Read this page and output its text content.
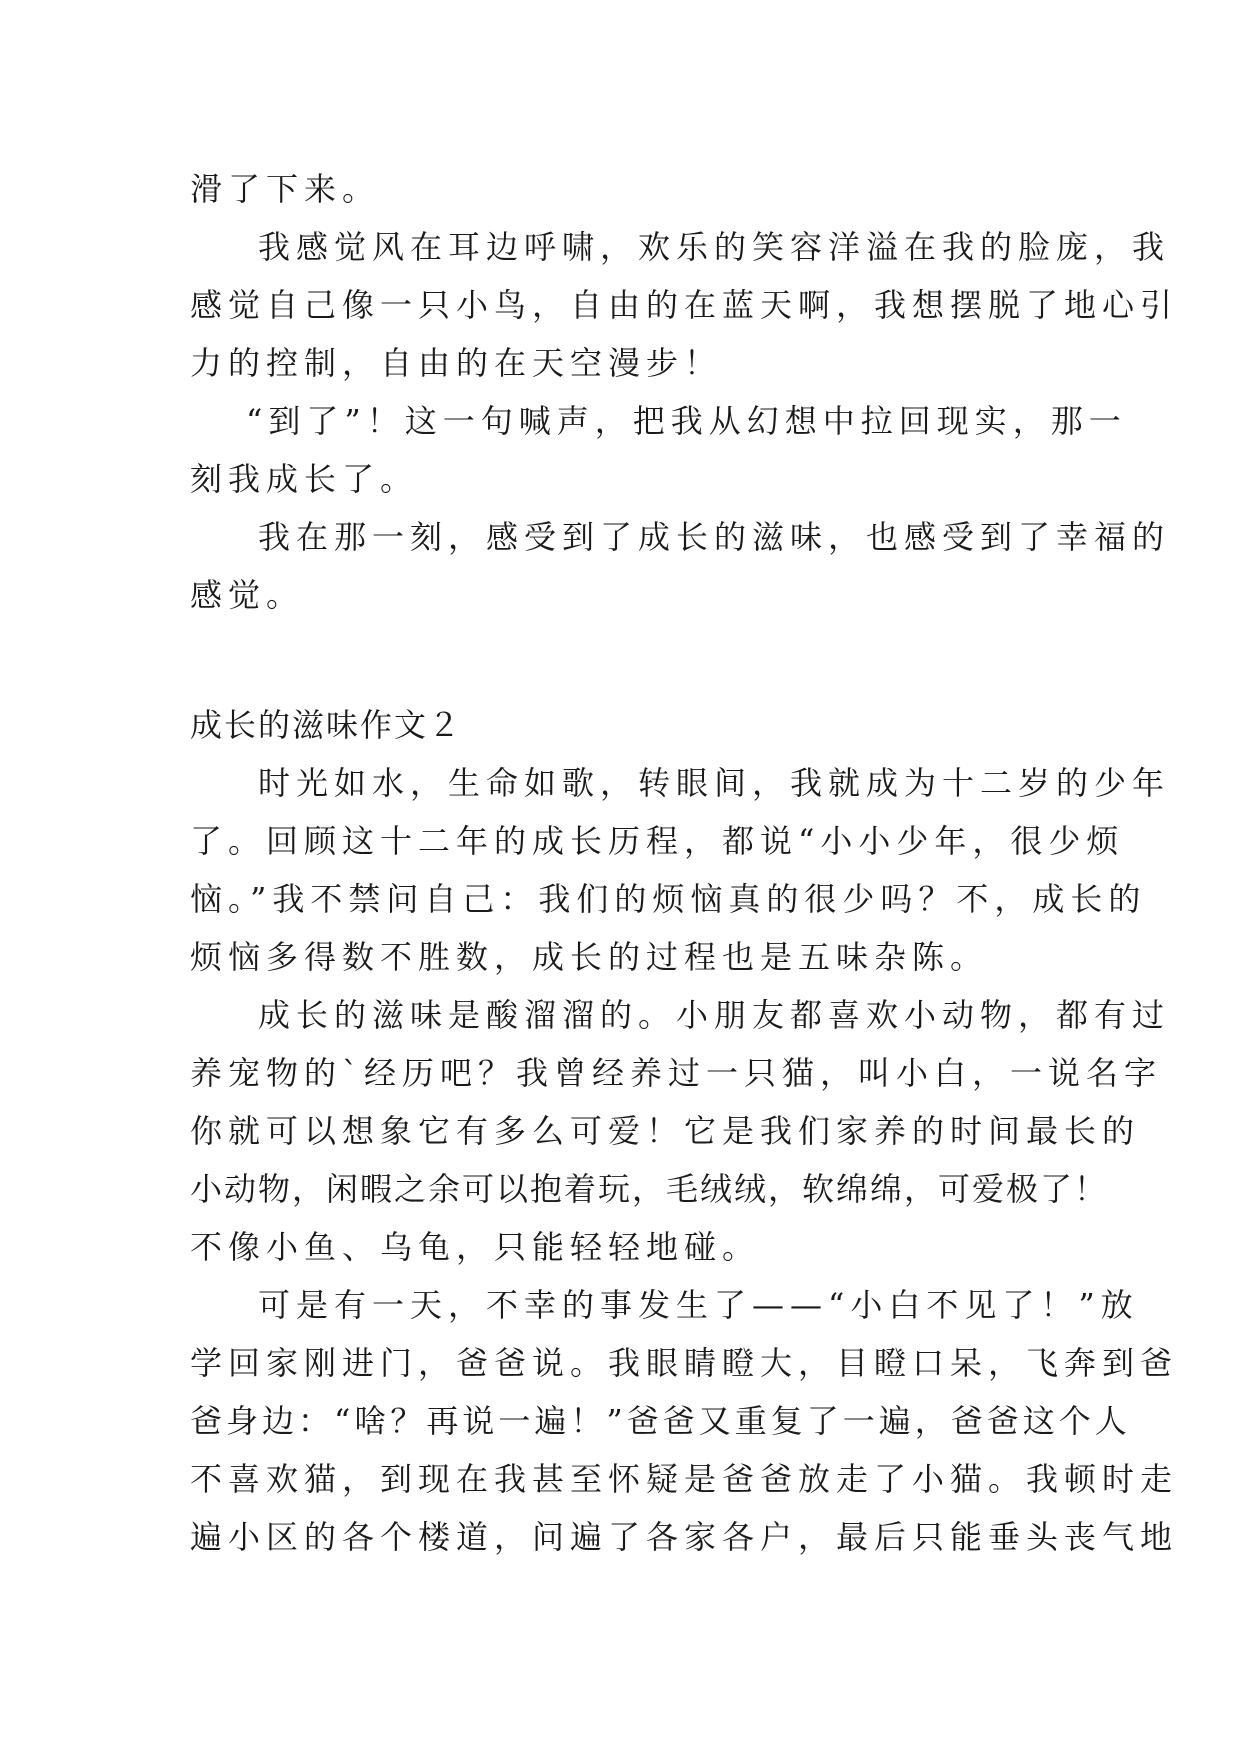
滑了下来。
我感觉风在耳边呼啸，欢乐的笑容洋溢在我的脸庞，我
感觉自己像一只小鸟，自由的在蓝天啊，我想摆脱了地心引
力的控制，自由的在天空漫步！
“到了”！这一句喊声，把我从幻想中拉回现实，那一
刻我成长了。
我在那一刻，感受到了成长的滋味，也感受到了幸福的
感觉。
成长的滋味作文２
时光如水，生命如歌，转眼间，我就成为十二岁的少年
了。回顾这十二年的成长历程，都说“小小少年，很少烦
恼。”我不禁问自己：我们的烦恼真的很少吗？不，成长的
烦恼多得数不胜数，成长的过程也是五味杂陈。
成长的滋味是酸溜溜的。小朋友都喜欢小动物，都有过
养宠物的`经历吧？我曾经养过一只猫，叫小白，一说名字
你就可以想象它有多么可爱！它是我们家养的时间最长的
小动物，闲暇之余可以抱着玩，毛绒绒，软绵绵，可爱极了！
不像小鱼、乌龟，只能轻轻地碰。
可是有一天，不幸的事发生了——“小白不见了！”放
学回家刚进门，爸爸说。我眼睛瞪大，目瞪口呆，飞奔到爸
爸身边：“啥？再说一遍！”爸爸又重复了一遍，爸爸这个人
不喜欢猫，到现在我甚至怀疑是爸爸放走了小猫。我顿时走
遍小区的各个楼道，问遍了各家各户，最后只能垂头丧气地
